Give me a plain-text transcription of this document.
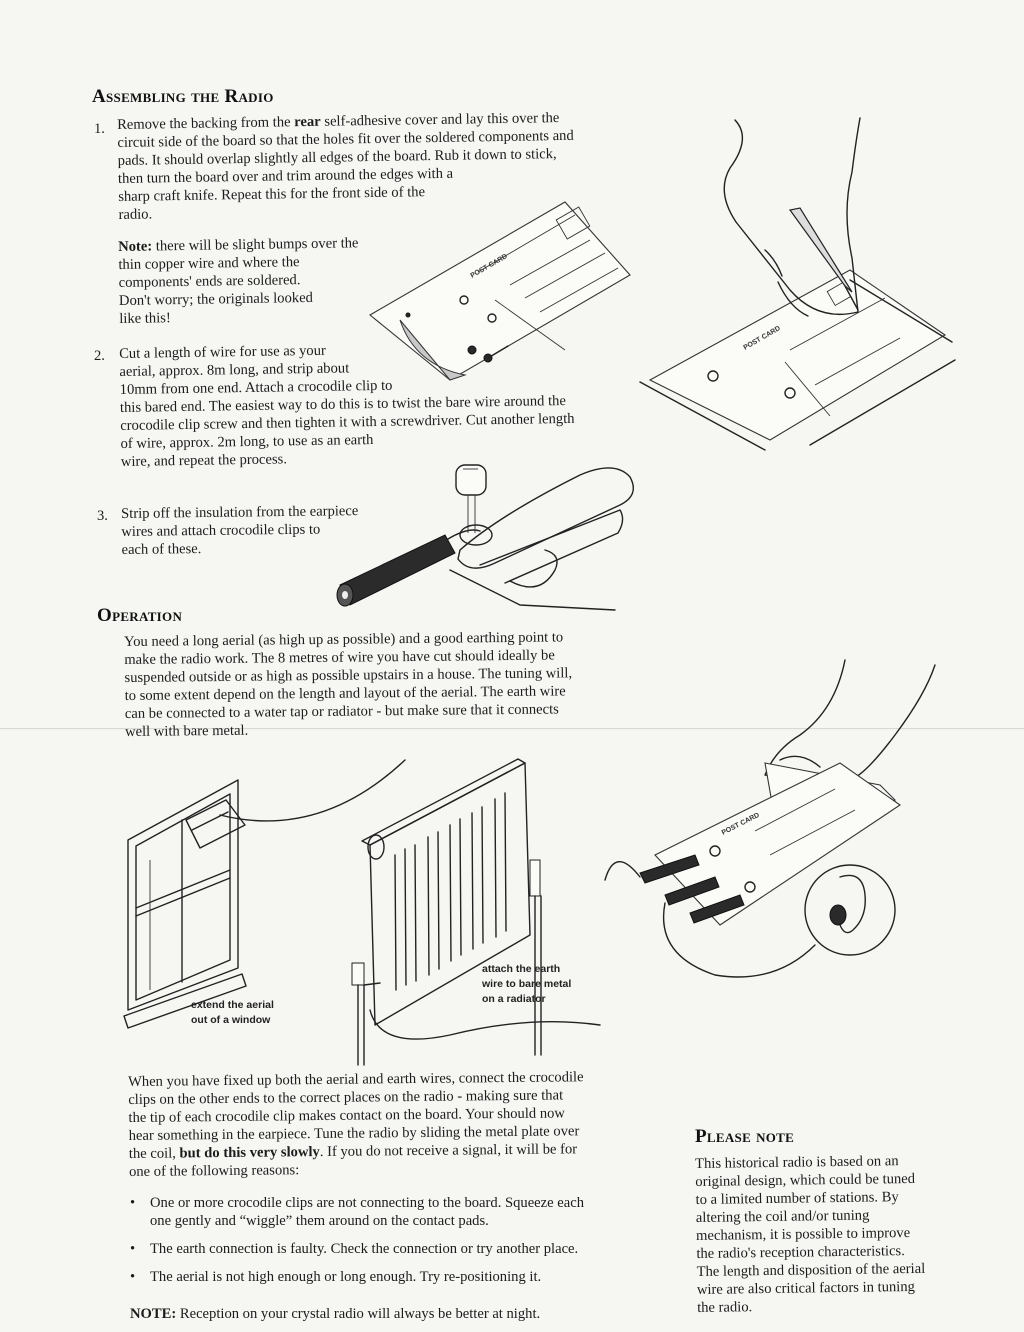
Assembling the Radio
1. Remove the backing from the rear self-adhesive cover and lay this over the
circuit side of the board so that the holes fit over the soldered components and
pads. It should overlap slightly all edges of the board. Rub it down to stick,
then turn the board over and trim around the edges with a
sharp craft knife. Repeat this for the front side of the
radio.
Note: there will be slight bumps over the
thin copper wire and where the
components' ends are soldered.
Don't worry; the originals looked
like this!
2. Cut a length of wire for use as your
aerial, approx. 8m long, and strip about
10mm from one end. Attach a crocodile clip to
this bared end. The easiest way to do this is to twist the bare wire around the
crocodile clip screw and then tighten it with a screwdriver. Cut another length
of wire, approx. 2m long, to use as an earth
wire, and repeat the process.
3. Strip off the insulation from the earpiece
wires and attach crocodile clips to
each of these.
POST CARD
POST CARD
Operation
You need a long aerial (as high up as possible) and a good earthing point to
make the radio work. The 8 metres of wire you have cut should ideally be
suspended outside or as high as possible upstairs in a house. The tuning will,
to some extent depend on the length and layout of the aerial. The earth wire
can be connected to a water tap or radiator - but make sure that it connects
well with bare metal.
extend the aerial
out of a window
attach the earth
wire to bare metal
on a radiator
POST CARD
When you have fixed up both the aerial and earth wires, connect the crocodile
clips on the other ends to the correct places on the radio - making sure that
the tip of each crocodile clip makes contact on the board. Your should now
hear something in the earpiece. Tune the radio by sliding the metal plate over
the coil, but do this very slowly. If you do not receive a signal, it will be for
one of the following reasons:
• One or more crocodile clips are not connecting to the board. Squeeze each
one gently and “wiggle” them around on the contact pads.
• The earth connection is faulty. Check the connection or try another place.
• The aerial is not high enough or long enough. Try re-positioning it.
NOTE: Reception on your crystal radio will always be better at night.
Please note
This historical radio is based on an
original design, which could be tuned
to a limited number of stations. By
altering the coil and/or tuning
mechanism, it is possible to improve
the radio's reception characteristics.
The length and disposition of the aerial
wire are also critical factors in tuning
the radio.
